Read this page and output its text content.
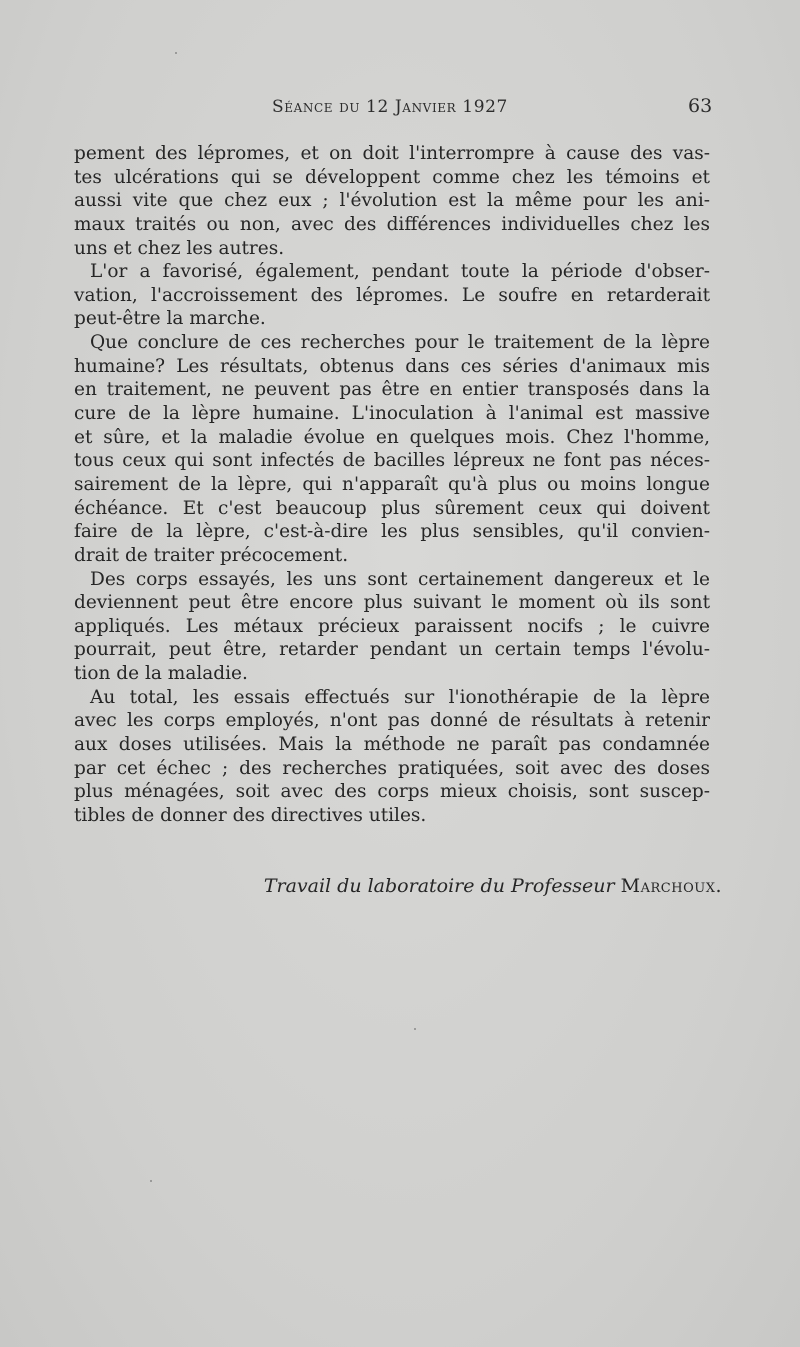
Séance du 12 Janvier 1927	63
pement des lépromes, et on doit l'interrompre à cause des vas-
tes ulcérations qui se développent comme chez les témoins et
aussi vite que chez eux ; l'évolution est la même pour les ani-
maux traités ou non, avec des différences individuelles chez les
uns et chez les autres.
L'or a favorisé, également, pendant toute la période d'obser-
vation, l'accroissement des lépromes. Le soufre en retarderait
peut-être la marche.
Que conclure de ces recherches pour le traitement de la lèpre
humaine? Les résultats, obtenus dans ces séries d'animaux mis
en traitement, ne peuvent pas être en entier transposés dans la
cure de la lèpre humaine. L'inoculation à l'animal est massive
et sûre, et la maladie évolue en quelques mois. Chez l'homme,
tous ceux qui sont infectés de bacilles lépreux ne font pas néces-
sairement de la lèpre, qui n'apparaît qu'à plus ou moins longue
échéance. Et c'est beaucoup plus sûrement ceux qui doivent
faire de la lèpre, c'est-à-dire les plus sensibles, qu'il convien-
drait de traiter précocement.
Des corps essayés, les uns sont certainement dangereux et le
deviennent peut être encore plus suivant le moment où ils sont
appliqués. Les métaux précieux paraissent nocifs ; le cuivre
pourrait, peut être, retarder pendant un certain temps l'évolu-
tion de la maladie.
Au total, les essais effectués sur l'ionothérapie de la lèpre
avec les corps employés, n'ont pas donné de résultats à retenir
aux doses utilisées. Mais la méthode ne paraît pas condamnée
par cet échec ; des recherches pratiquées, soit avec des doses
plus ménagées, soit avec des corps mieux choisis, sont suscep-
tibles de donner des directives utiles.
Travail du laboratoire du Professeur Marchoux.
